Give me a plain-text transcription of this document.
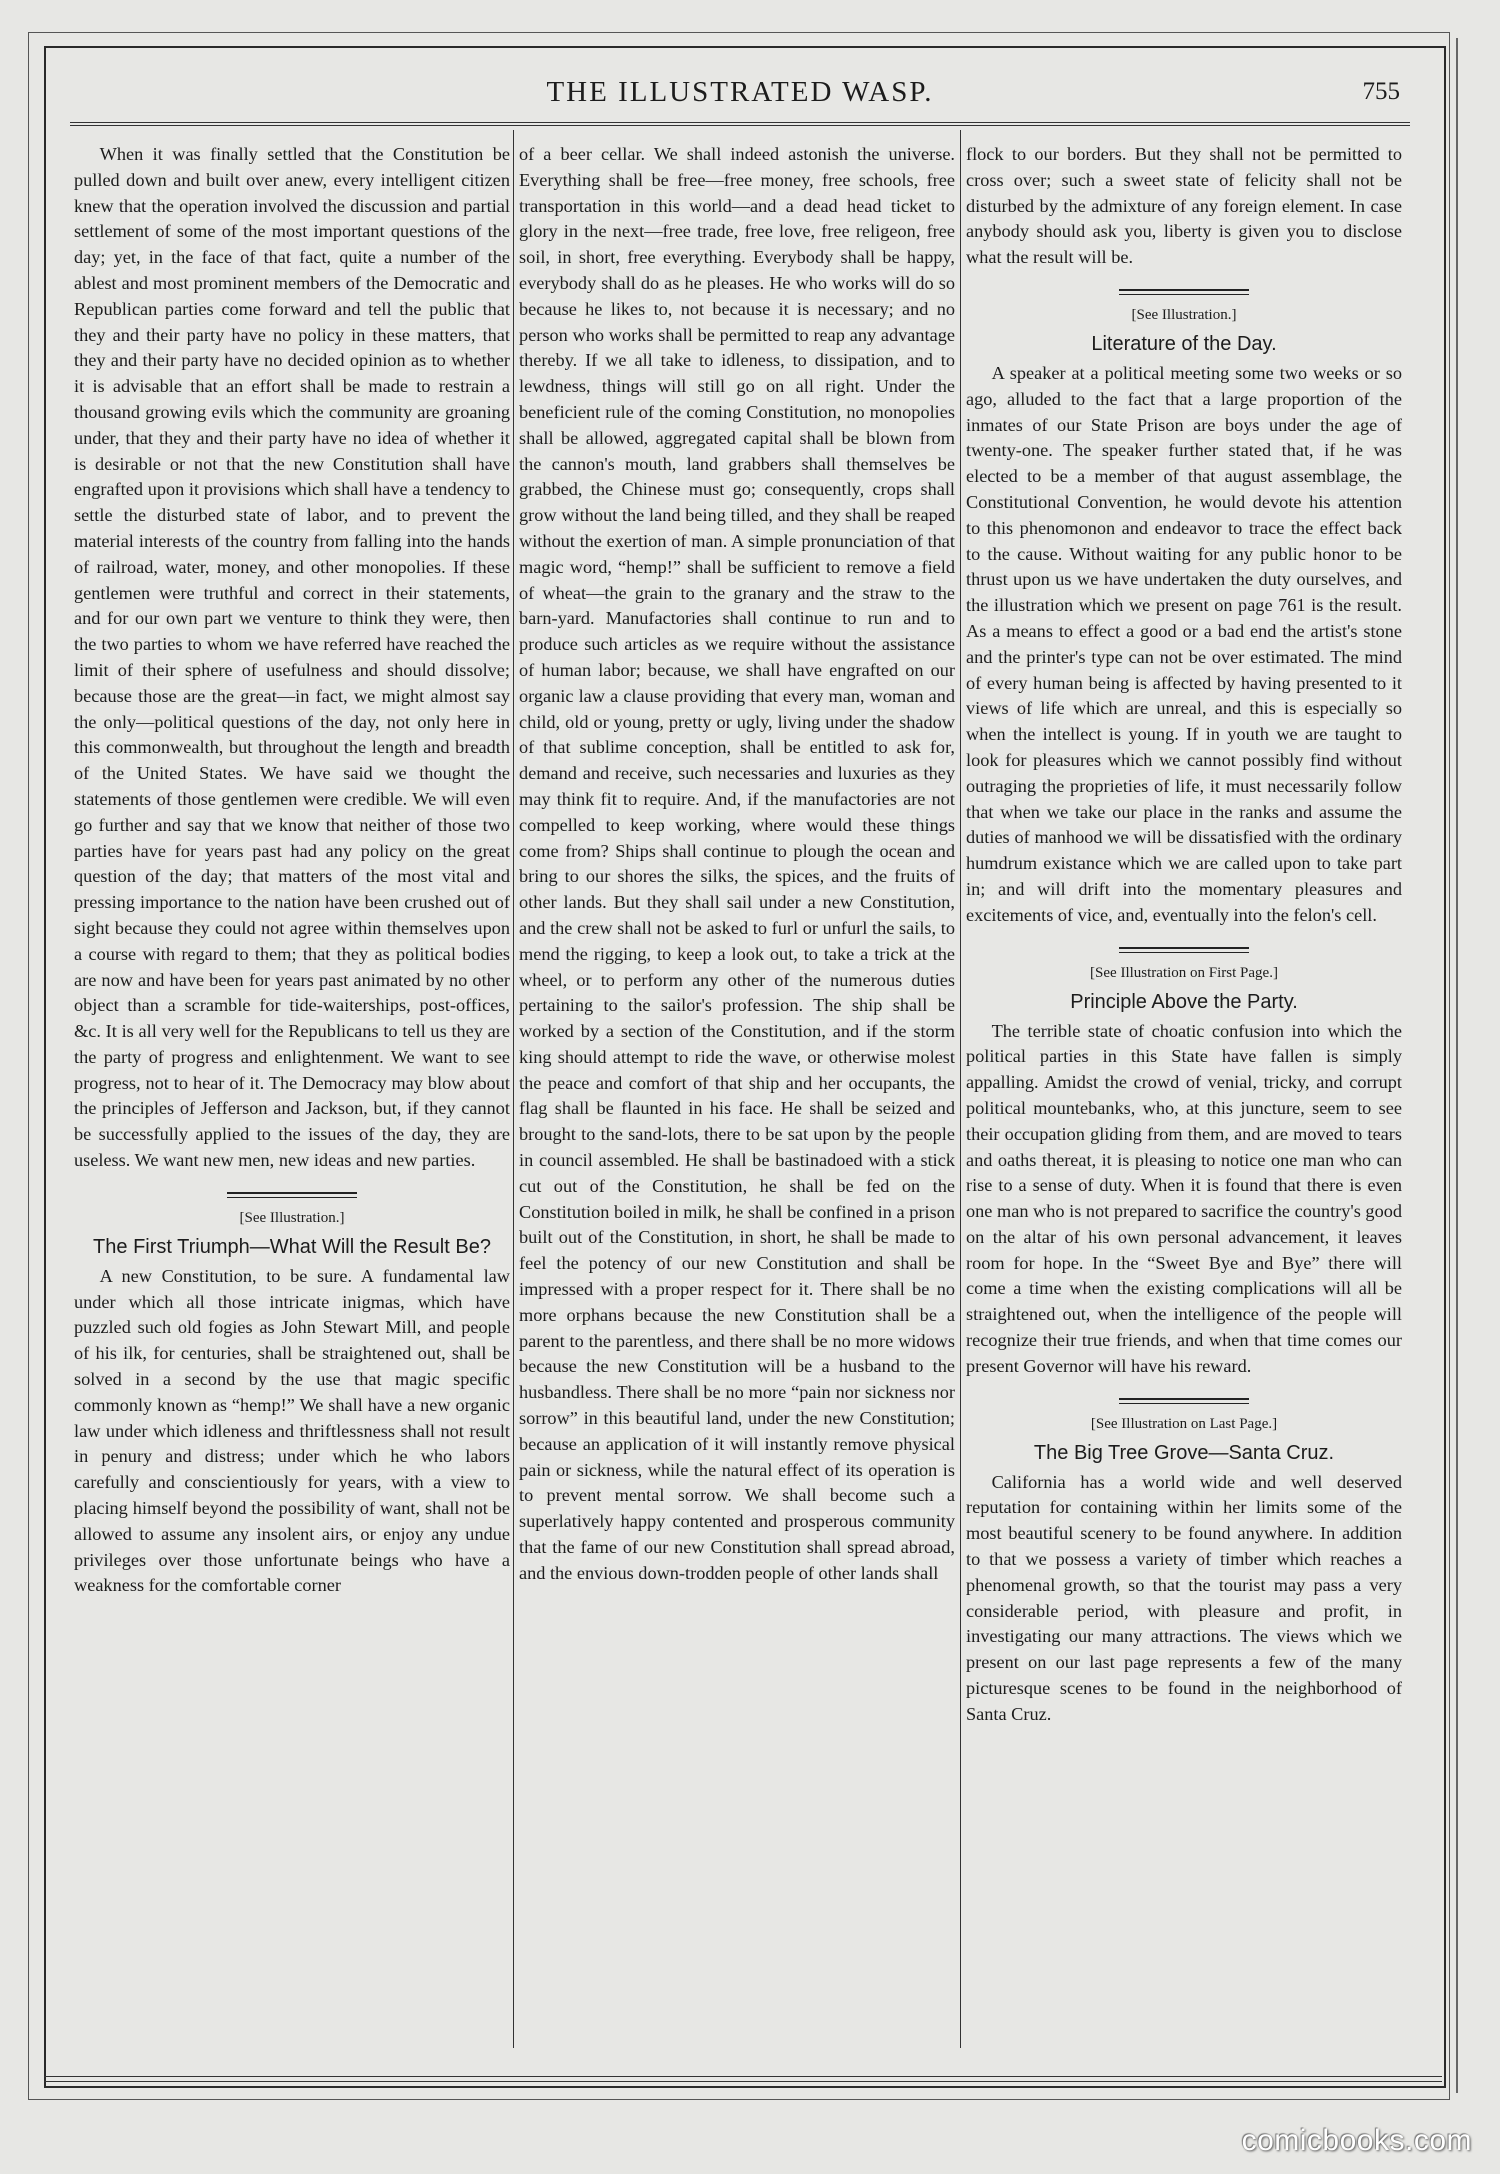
THE ILLUSTRATED WASP.	755

When it was finally settled that the Constitution be pulled down and built over anew, every intelligent citizen knew that the operation involved the discussion and partial settlement of some of the most important questions of the day; yet, in the face of that fact, quite a number of the ablest and most prominent members of the Democratic and Republican parties come forward and tell the public that they and their party have no policy in these matters, that they and their party have no decided opinion as to whether it is advisable that an effort shall be made to restrain a thousand growing evils which the community are groaning under, that they and their party have no idea of whether it is desirable or not that the new Constitution shall have engrafted upon it provisions which shall have a tendency to settle the disturbed state of labor, and to prevent the material interests of the country from falling into the hands of railroad, water, money, and other monopolies. If these gentlemen were truthful and correct in their statements, and for our own part we venture to think they were, then the two parties to whom we have referred have reached the limit of their sphere of usefulness and should dissolve; because those are the great—in fact, we might almost say the only—political questions of the day, not only here in this commonwealth, but throughout the length and breadth of the United States. We have said we thought the statements of those gentlemen were credible. We will even go further and say that we know that neither of those two parties have for years past had any policy on the great question of the day; that matters of the most vital and pressing importance to the nation have been crushed out of sight because they could not agree within themselves upon a course with regard to them; that they as political bodies are now and have been for years past animated by no other object than a scramble for tide-waiterships, post-offices, &c. It is all very well for the Republicans to tell us they are the party of progress and enlightenment. We want to see progress, not to hear of it. The Democracy may blow about the principles of Jefferson and Jackson, but, if they cannot be successfully applied to the issues of the day, they are useless. We want new men, new ideas and new parties.

[See Illustration.]
The First Triumph—What Will the Result Be?

A new Constitution, to be sure. A fundamental law under which all those intricate inigmas, which have puzzled such old fogies as John Stewart Mill, and people of his ilk, for centuries, shall be straightened out, shall be solved in a second by the use that magic specific commonly known as “hemp!” We shall have a new organic law under which idleness and thriftlessness shall not result in penury and distress; under which he who labors carefully and conscientiously for years, with a view to placing himself beyond the possibility of want, shall not be allowed to assume any insolent airs, or enjoy any undue privileges over those unfortunate beings who have a weakness for the comfortable corner

of a beer cellar. We shall indeed astonish the universe. Everything shall be free—free money, free schools, free transportation in this world—and a dead head ticket to glory in the next—free trade, free love, free religeon, free soil, in short, free everything. Everybody shall be happy, everybody shall do as he pleases. He who works will do so because he likes to, not because it is necessary; and no person who works shall be permitted to reap any advantage thereby. If we all take to idleness, to dissipation, and to lewdness, things will still go on all right. Under the beneficient rule of the coming Constitution, no monopolies shall be allowed, aggregated capital shall be blown from the cannon's mouth, land grabbers shall themselves be grabbed, the Chinese must go; consequently, crops shall grow without the land being tilled, and they shall be reaped without the exertion of man. A simple pronunciation of that magic word, “hemp!” shall be sufficient to remove a field of wheat—the grain to the granary and the straw to the barn-yard. Manufactories shall continue to run and to produce such articles as we require without the assistance of human labor; because, we shall have engrafted on our organic law a clause providing that every man, woman and child, old or young, pretty or ugly, living under the shadow of that sublime conception, shall be entitled to ask for, demand and receive, such necessaries and luxuries as they may think fit to require. And, if the manufactories are not compelled to keep working, where would these things come from? Ships shall continue to plough the ocean and bring to our shores the silks, the spices, and the fruits of other lands. But they shall sail under a new Constitution, and the crew shall not be asked to furl or unfurl the sails, to mend the rigging, to keep a look out, to take a trick at the wheel, or to perform any other of the numerous duties pertaining to the sailor's profession. The ship shall be worked by a section of the Constitution, and if the storm king should attempt to ride the wave, or otherwise molest the peace and comfort of that ship and her occupants, the flag shall be flaunted in his face. He shall be seized and brought to the sand-lots, there to be sat upon by the people in council assembled. He shall be bastinadoed with a stick cut out of the Constitution, he shall be fed on the Constitution boiled in milk, he shall be confined in a prison built out of the Constitution, in short, he shall be made to feel the potency of our new Constitution and shall be impressed with a proper respect for it. There shall be no more orphans because the new Constitution shall be a parent to the parentless, and there shall be no more widows because the new Constitution will be a husband to the husbandless. There shall be no more “pain nor sickness nor sorrow” in this beautiful land, under the new Constitution; because an application of it will instantly remove physical pain or sickness, while the natural effect of its operation is to prevent mental sorrow. We shall become such a superlatively happy contented and prosperous community that the fame of our new Constitution shall spread abroad, and the envious down-trodden people of other lands shall

flock to our borders. But they shall not be permitted to cross over; such a sweet state of felicity shall not be disturbed by the admixture of any foreign element. In case anybody should ask you, liberty is given you to disclose what the result will be.

[See Illustration.]
Literature of the Day.

A speaker at a political meeting some two weeks or so ago, alluded to the fact that a large proportion of the inmates of our State Prison are boys under the age of twenty-one. The speaker further stated that, if he was elected to be a member of that august assemblage, the Constitutional Convention, he would devote his attention to this phenomonon and endeavor to trace the effect back to the cause. Without waiting for any public honor to be thrust upon us we have undertaken the duty ourselves, and the illustration which we present on page 761 is the result. As a means to effect a good or a bad end the artist's stone and the printer's type can not be over estimated. The mind of every human being is affected by having presented to it views of life which are unreal, and this is especially so when the intellect is young. If in youth we are taught to look for pleasures which we cannot possibly find without outraging the proprieties of life, it must necessarily follow that when we take our place in the ranks and assume the duties of manhood we will be dissatisfied with the ordinary humdrum existance which we are called upon to take part in; and will drift into the momentary pleasures and excitements of vice, and, eventually into the felon's cell.

[See Illustration on First Page.]
Principle Above the Party.

The terrible state of choatic confusion into which the political parties in this State have fallen is simply appalling. Amidst the crowd of venial, tricky, and corrupt political mountebanks, who, at this juncture, seem to see their occupation gliding from them, and are moved to tears and oaths thereat, it is pleasing to notice one man who can rise to a sense of duty. When it is found that there is even one man who is not prepared to sacrifice the country's good on the altar of his own personal advancement, it leaves room for hope. In the “Sweet Bye and Bye” there will come a time when the existing complications will all be straightened out, when the intelligence of the people will recognize their true friends, and when that time comes our present Governor will have his reward.

[See Illustration on Last Page.]
The Big Tree Grove—Santa Cruz.

California has a world wide and well deserved reputation for containing within her limits some of the most beautiful scenery to be found anywhere. In addition to that we possess a variety of timber which reaches a phenomenal growth, so that the tourist may pass a very considerable period, with pleasure and profit, in investigating our many attractions. The views which we present on our last page represents a few of the many picturesque scenes to be found in the neighborhood of Santa Cruz.

comicbooks.com
